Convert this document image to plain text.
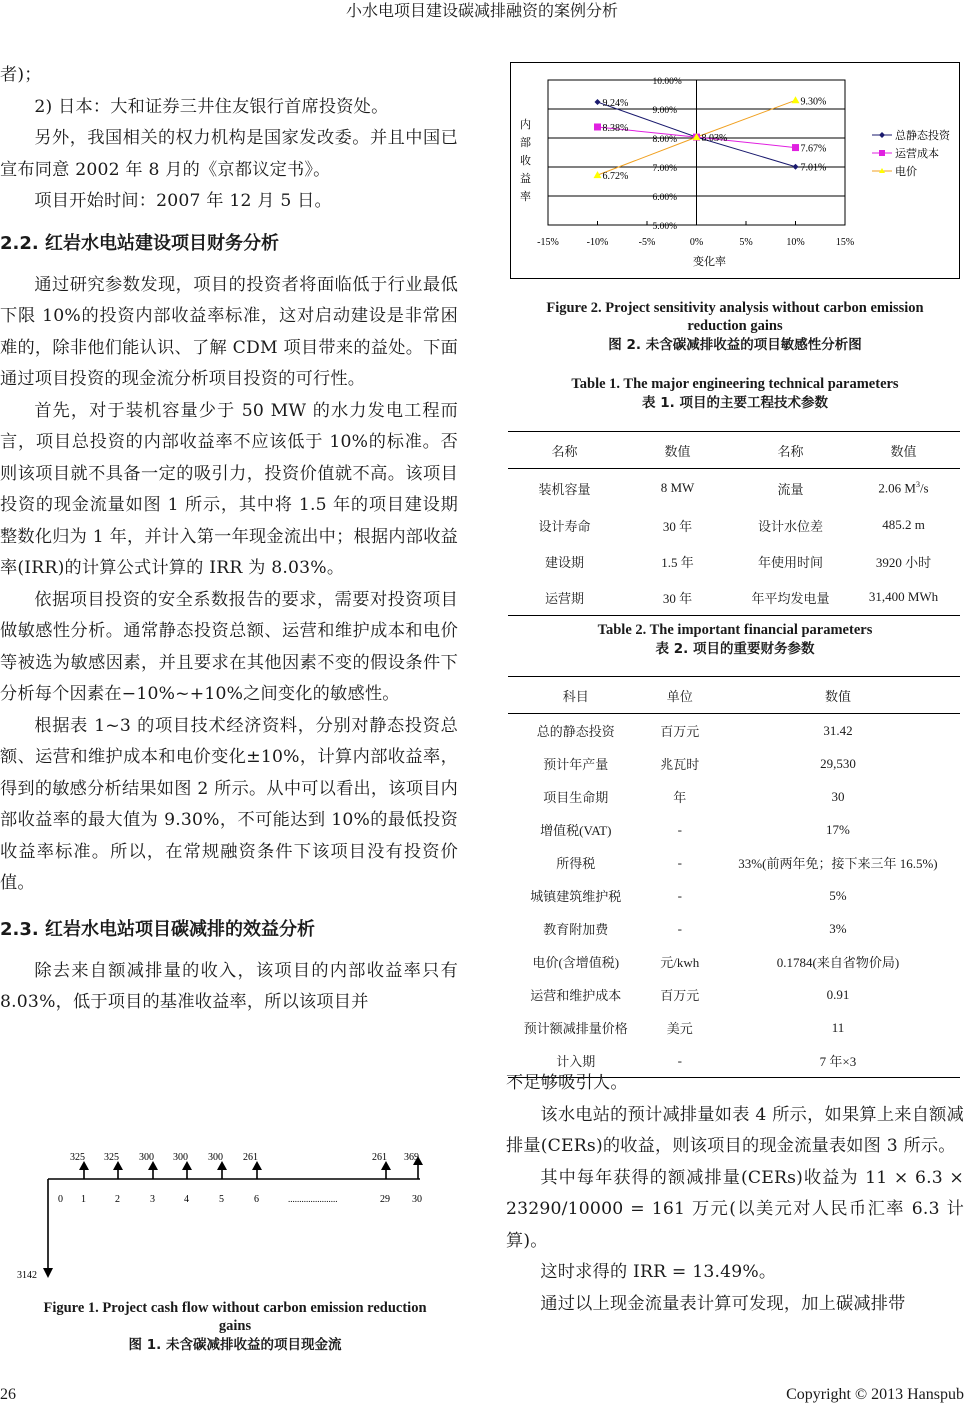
小水电项目建设碳减排融资的案例分析

者)；

2) 日本：大和证券三井住友银行首席投资处。

另外，我国相关的权力机构是国家发改委。并且中国已宣布同意 2002 年 8 月的《京都议定书》。

项目开始时间：2007 年 12 月 5 日。

2.2. 红岩水电站建设项目财务分析

通过研究参数发现，项目的投资者将面临低于行业最低下限 10%的投资内部收益率标准，这对启动建设是非常困难的，除非他们能认识、了解 CDM 项目带来的益处。下面通过项目投资的现金流分析项目投资的可行性。

首先，对于装机容量少于 50 MW 的水力发电工程而言，项目总投资的内部收益率不应该低于 10%的标准。否则该项目就不具备一定的吸引力，投资价值就不高。该项目投资的现金流量如图 1 所示，其中将 1.5 年的项目建设期整数化归为 1 年，并计入第一年现金流出中；根据内部收益率(IRR)的计算公式计算的 IRR 为 8.03%。

依据项目投资的安全系数报告的要求，需要对投资项目做敏感性分析。通常静态投资总额、运营和维护成本和电价等被选为敏感因素，并且要求在其他因素不变的假设条件下分析每个因素在−10%~+10%之间变化的敏感性。

根据表 1~3 的项目技术经济资料，分别对静态投资总额、运营和维护成本和电价变化±10%，计算内部收益率，得到的敏感分析结果如图 2 所示。从中可以看出，该项目内部收益率的最大值为 9.30%，不可能达到 10%的最低投资收益率标准。所以，在常规融资条件下该项目没有投资价值。

2.3. 红岩水电站项目碳减排的效益分析

除去来自额减排量的收入，该项目的内部收益率只有 8.03%，低于项目的基准收益率，所以该项目并

3142
0	......................
325
1
325
2
300
3
300
4
300
5
261
6
261
29
369
30
Figure 1. Project cash flow without carbon emission reduction gains
图 1. 未含碳减排收益的项目现金流
5.00%
6.00%
7.00%
8.00%
9.00%
10.00%
-15%	-10%	-5%	0%	5%	10%	15%
9.24%
8.03%
7.01%
8.38%
7.67%
6.72%
9.30%
内
部
收
益
率
变化率
总静态投资
运营成本
电价
Figure 2. Project sensitivity analysis without carbon emission reduction gains
图 2. 未含碳减排收益的项目敏感性分析图
Table 1. The major engineering technical parameters
表 1. 项目的主要工程技术参数
名称	数值	名称	数值
装机容量	8 MW	流量	2.06 $M^3/s$
设计寿命	30 年	设计水位差	485.2 m
建设期	1.5 年	年使用时间	3920 小时
运营期	30 年	年平均发电量	31,400 MWh
Table 2. The important financial parameters
表 2. 项目的重要财务参数
科目	单位	数值
总的静态投资	百万元	31.42
预计年产量	兆瓦时	29,530
项目生命期	年	30
增值税(VAT)	-	17%
所得税	-	33%(前两年免；接下来三年 16.5%)
城镇建筑维护税	-	5%
教育附加费	-	3%
电价(含增值税)	元/kwh	0.1784(来自省物价局)
运营和维护成本	百万元	0.91
预计额减排量价格	美元	11
计入期	-	7 年×3

不足够吸引人。

该水电站的预计减排量如表 4 所示，如果算上来自额减排量(CERs)的收益，则该项目的现金流量表如图 3 所示。

其中每年获得的额减排量(CERs)收益为 11 × 6.3 × 23290/10000 = 161 万元(以美元对人民币汇率 6.3 计算)。

这时求得的 IRR = 13.49%。

通过以上现金流量表计算可发现，加上碳减排带

26	Copyright © 2013 Hanspub
